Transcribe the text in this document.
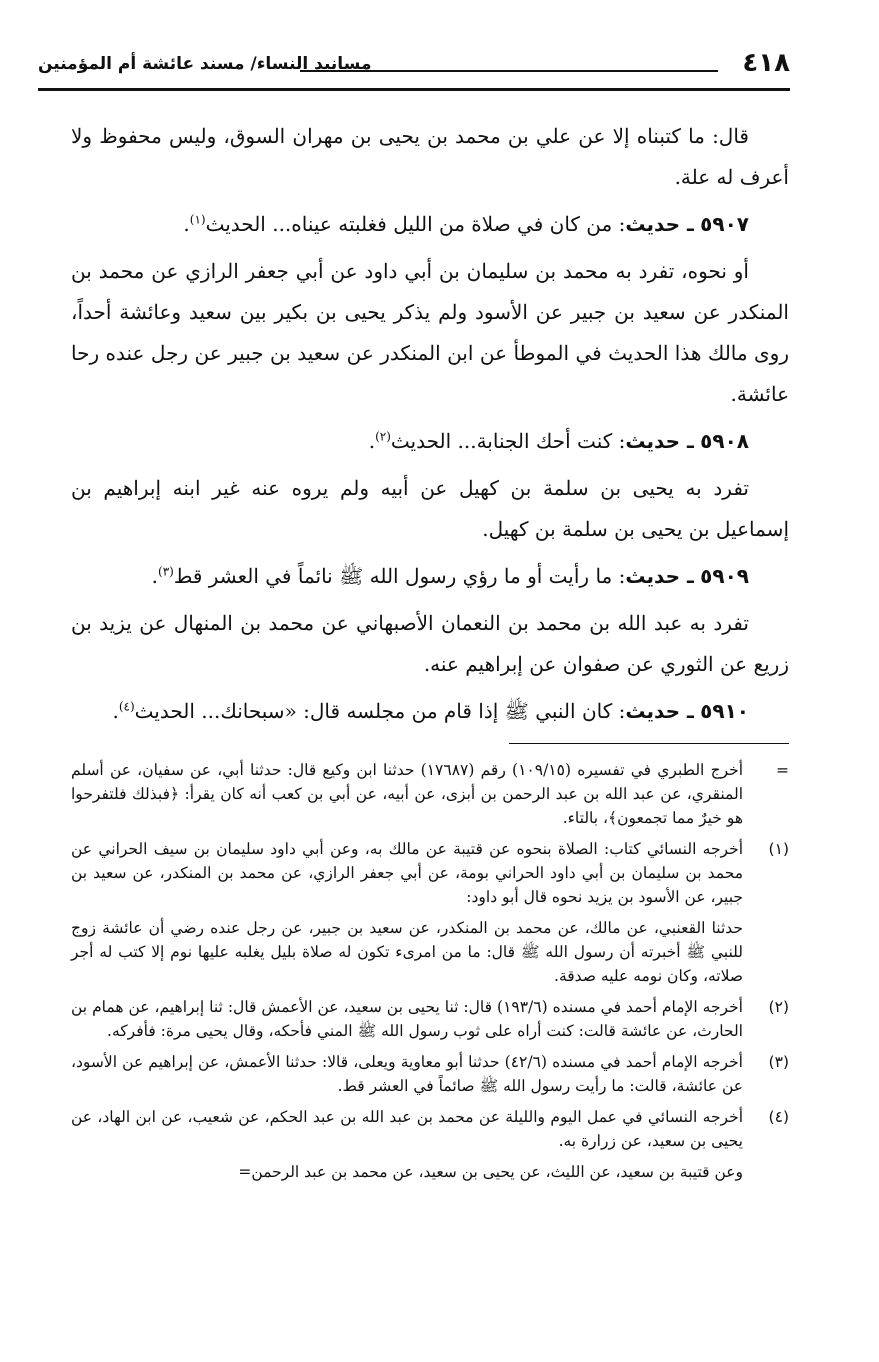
٤١٨
مسانيد النساء/ مسند عائشة أم المؤمنين

قال: ما كتبناه إلا عن علي بن محمد بن يحيى بن مهران السوق، وليس محفوظ ولا أعرف له علة.

٥٩٠٧ ـ حديث: من كان في صلاة من الليل فغلبته عيناه... الحديث$^{(١)}$.

أو نحوه، تفرد به محمد بن سليمان بن أبي داود عن أبي جعفر الرازي عن محمد بن المنكدر عن سعيد بن جبير عن الأسود ولم يذكر يحيى بن بكير بين سعيد وعائشة أحداً، روى مالك هذا الحديث في الموطأ عن ابن المنكدر عن سعيد بن جبير عن رجل عنده رحا عائشة.

٥٩٠٨ ـ حديث: كنت أحك الجنابة... الحديث$^{(٢)}$.

تفرد به يحيى بن سلمة بن كهيل عن أبيه ولم يروه عنه غير ابنه إبراهيم بن إسماعيل بن يحيى بن سلمة بن كهيل.

٥٩٠٩ ـ حديث: ما رأيت أو ما رؤي رسول الله ﷺ نائماً في العشر قط$^{(٣)}$.

تفرد به عبد الله بن محمد بن النعمان الأصبهاني عن محمد بن المنهال عن يزيد بن زريع عن الثوري عن صفوان عن إبراهيم عنه.

٥٩١٠ ـ حديث: كان النبي ﷺ إذا قام من مجلسه قال: «سبحانك... الحديث$^{(٤)}$.

=

أخرج الطبري في تفسيره (١٠٩/١٥) رقم (١٧٦٨٧) حدثنا ابن وكيع قال: حدثنا أبي، عن سفيان، عن أسلم المنقري، عن عبد الله بن عبد الرحمن بن أبزى، عن أبيه، عن أبي بن كعب أنه كان يقرأ: ﴿فبذلك فلتفرحوا هو خيرٌ مما تجمعون﴾، بالتاء.

(١)

أخرجه النسائي كتاب: الصلاة بنحوه عن قتيبة عن مالك به، وعن أبي داود سليمان بن سيف الحراني عن محمد بن سليمان بن أبي داود الحراني بومة، عن أبي جعفر الرازي، عن محمد بن المنكدر، عن سعيد بن جبير، عن الأسود بن يزيد نحوه قال أبو داود:

حدثنا القعنبي، عن مالك، عن محمد بن المنكدر، عن سعيد بن جبير، عن رجل عنده رضي أن عائشة زوج للنبي ﷺ أخبرته أن رسول الله ﷺ قال: ما من امرىء تكون له صلاة بليل يغلبه عليها نوم إلا كتب له أجر صلاته، وكان نومه عليه صدقة.

(٢)

أخرجه الإمام أحمد في مسنده (١٩٣/٦) قال: ثنا يحيى بن سعيد، عن الأعمش قال: ثنا إبراهيم، عن همام بن الحارث، عن عائشة قالت: كنت أراه على ثوب رسول الله ﷺ المني فأحكه، وقال يحيى مرة: فأفركه.

(٣)

أخرجه الإمام أحمد في مسنده (٤٢/٦) حدثنا أبو معاوية ويعلى، قالا: حدثنا الأعمش، عن إبراهيم عن الأسود، عن عائشة، قالت: ما رأيت رسول الله ﷺ صائماً في العشر قط.

(٤)

أخرجه النسائي في عمل اليوم والليلة عن محمد بن عبد الله بن عبد الحكم، عن شعيب، عن ابن الهاد، عن يحيى بن سعيد، عن زرارة به.

وعن قتيبة بن سعيد، عن الليث، عن يحيى بن سعيد، عن محمد بن عبد الرحمن=
